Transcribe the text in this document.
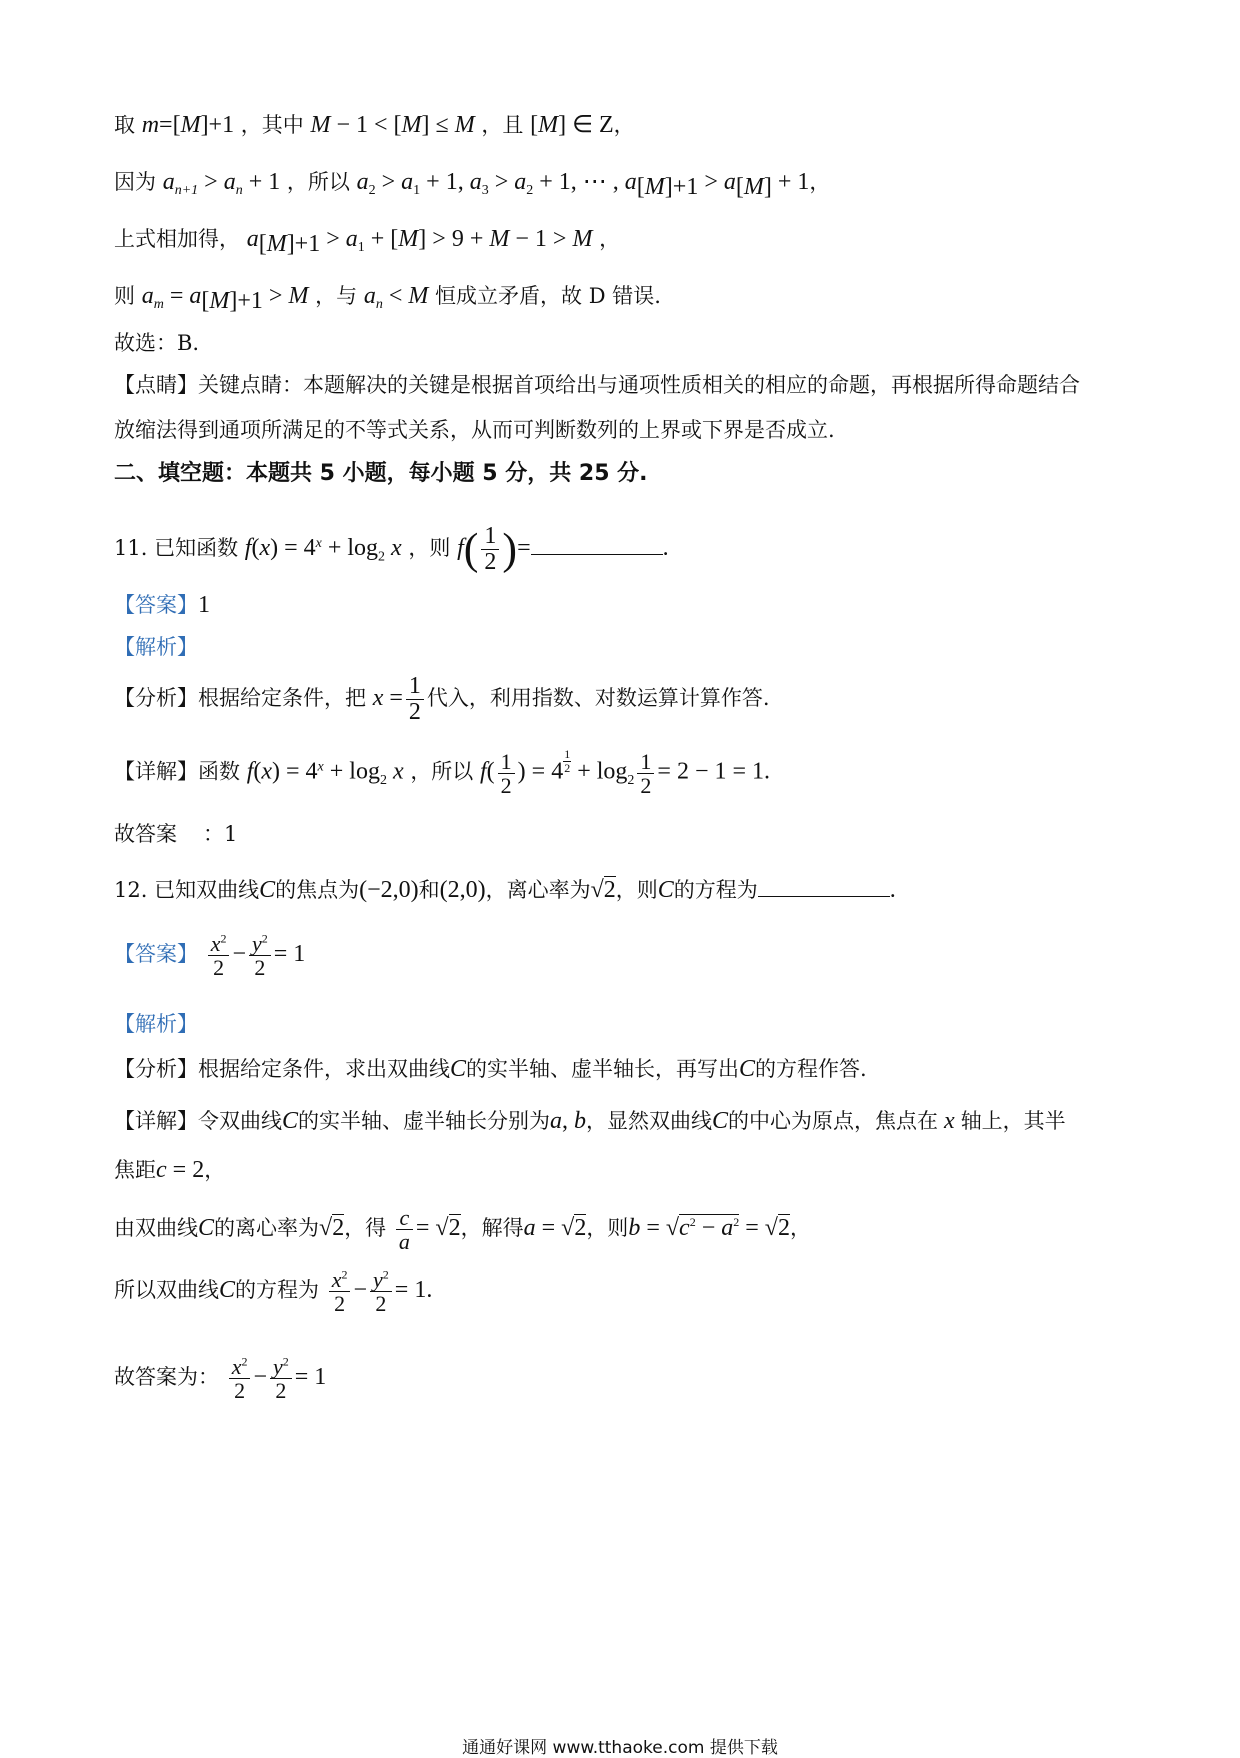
取 m=[M]+1 ，其中 M − 1 < [M] ≤ M ，且 [M] ∈ Z，
因为 $a_{n+1} > a_n + 1$ ，所以 $a_2 > a_1 + 1$, $a_3 > a_2 + 1$, ⋯ , $a_{[M]+1} > a_{[M]} + 1$，
上式相加得， $a_{[M]+1} > a_1 + [M] > 9 + M - 1 > M$ ，
则 $a_m = a_{[M]+1} > M$ ，与 $a_n < M$ 恒成立矛盾，故 D 错误.
故选：B.
【点睛】关键点睛：本题解决的关键是根据首项给出与通项性质相关的相应的命题，再根据所得命题结合
放缩法得到通项所满足的不等式关系，从而可判断数列的上界或下界是否成立.
二、填空题：本题共 5 小题，每小题 5 分，共 25 分.
11. 已知函数 $f(x) = 4^x + \log_2 x$ ，则 $f( \frac{1}{2}$ )=	.
【答案】1
【解析】
【分析】根据给定条件，把 $x = \frac{1}{2}$ 代入，利用指数、对数运算计算作答.
【详解】函数 $f(x) = 4^x + \log_2 x$ ，所以 $f( \frac{1}{2}$ ) = 4 $^{\frac{1}{2}} + \log_2 \frac{1}{2} = 2 - 1 = 1$.
故答案 ：1
12. 已知双曲线C的焦点为(−2,0)和(2,0)，离心率为√2，则C的方程为	.
【答案】 $\frac{x^2}{2} - \frac{y^2}{2} = 1$
【解析】
【分析】根据给定条件，求出双曲线C的实半轴、虚半轴长，再写出C的方程作答.
【详解】令双曲线C的实半轴、虚半轴长分别为a, b，显然双曲线C的中心为原点，焦点在 x 轴上，其半
焦距c = 2，
由双曲线C的离心率为√2，得 $\frac{c}{a} = √2$，解得a = √2，则$b = √c^2 - a^2 = √2$，
所以双曲线C的方程为 $\frac{x^2}{2} - \frac{y^2}{2} = 1$.
故答案为： $\frac{x^2}{2} - \frac{y^2}{2} = 1$
通通好课网 www.tthaoke.com 提供下载
